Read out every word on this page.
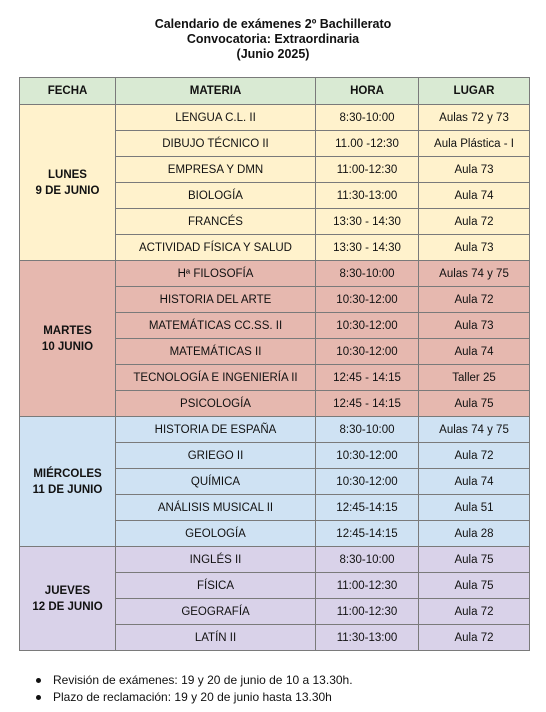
Calendario de exámenes 2º Bachillerato
Convocatoria: Extraordinaria
(Junio 2025)
FECHA	MATERIA	HORA	LUGAR

LUNES
9 DE JUNIO	LENGUA C.L. II	8:30-10:00	Aulas 72 y 73
	DIBUJO TÉCNICO II	11.00 -12:30	Aula Plástica - I
	EMPRESA Y DMN	11:00-12:30	Aula 73
	BIOLOGÍA	11:30-13:00	Aula 74
	FRANCÉS	13:30 - 14:30	Aula 72
	ACTIVIDAD FÍSICA Y SALUD	13:30 - 14:30	Aula 73

MARTES
10 JUNIO	Hª FILOSOFÍA	8:30-10:00	Aulas 74 y 75
	HISTORIA DEL ARTE	10:30-12:00	Aula 72
	MATEMÁTICAS CC.SS. II	10:30-12:00	Aula 73
	MATEMÁTICAS II	10:30-12:00	Aula 74
	TECNOLOGÍA E INGENIERÍA II	12:45 - 14:15	Taller 25
	PSICOLOGÍA	12:45 - 14:15	Aula 75

MIÉRCOLES
11 DE JUNIO	HISTORIA DE ESPAÑA	8:30-10:00	Aulas 74 y 75
	GRIEGO II	10:30-12:00	Aula 72
	QUÍMICA	10:30-12:00	Aula 74
	ANÁLISIS MUSICAL II	12:45-14:15	Aula 51
	GEOLOGÍA	12:45-14:15	Aula 28

JUEVES
12 DE JUNIO	INGLÉS II	8:30-10:00	Aula 75
	FÍSICA	11:00-12:30	Aula 75
	GEOGRAFÍA	11:00-12:30	Aula 72
	LATÍN II	11:30-13:00	Aula 72
Revisión de exámenes: 19 y 20 de junio de 10 a 13.30h.
Plazo de reclamación: 19 y 20 de junio hasta 13.30h
